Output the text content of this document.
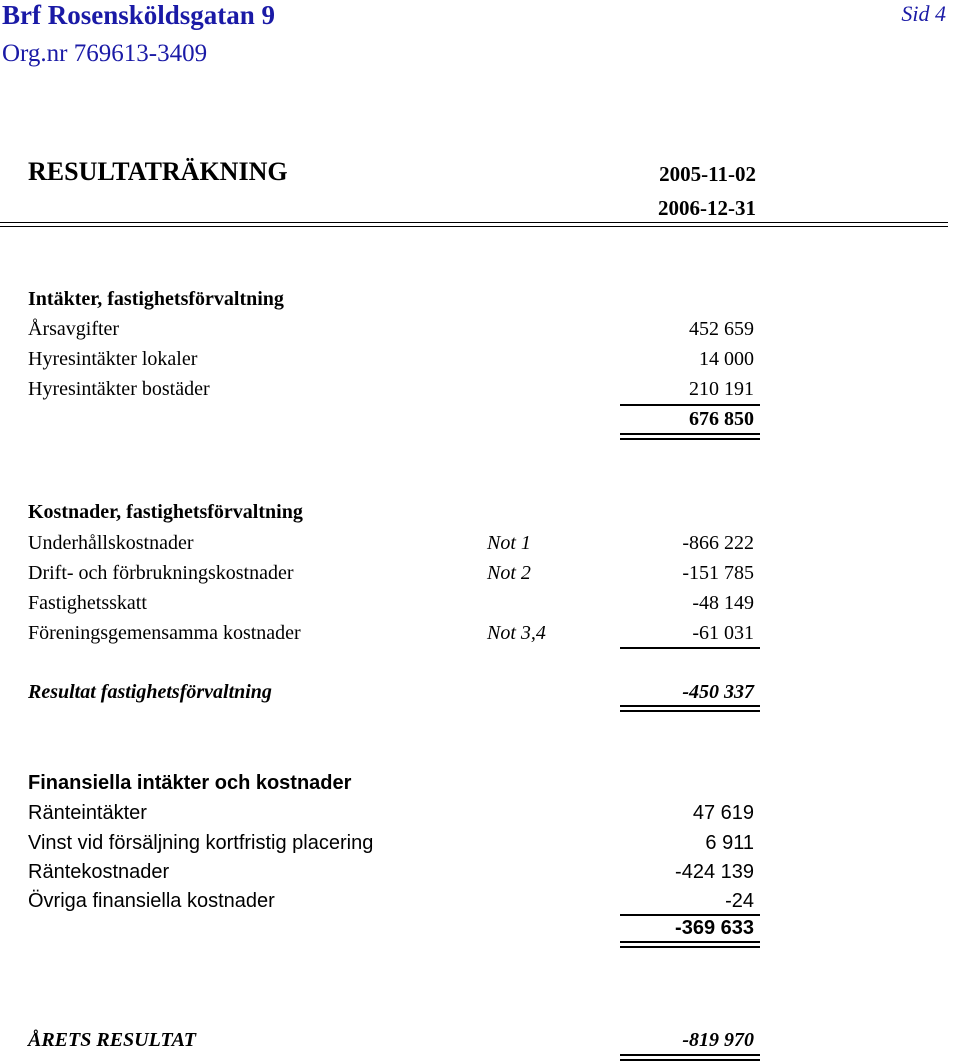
Brf Rosensköldsgatan 9
Org.nr 769613-3409
Sid 4
RESULTATRÄKNING	2005-11-02
2006-12-31
Intäkter, fastighetsförvaltning
Årsavgifter	452 659
Hyresintäkter lokaler	14 000
Hyresintäkter bostäder	210 191
676 850
Kostnader, fastighetsförvaltning
Underhållskostnader	Not 1	-866 222
Drift- och förbrukningskostnader	Not 2	-151 785
Fastighetsskatt	-48 149
Föreningsgemensamma kostnader	Not 3,4	-61 031
Resultat fastighetsförvaltning	-450 337
Finansiella intäkter och kostnader
Ränteintäkter	47 619
Vinst vid försäljning kortfristig placering	6 911
Räntekostnader	-424 139
Övriga finansiella kostnader	-24
-369 633
ÅRETS RESULTAT	-819 970
